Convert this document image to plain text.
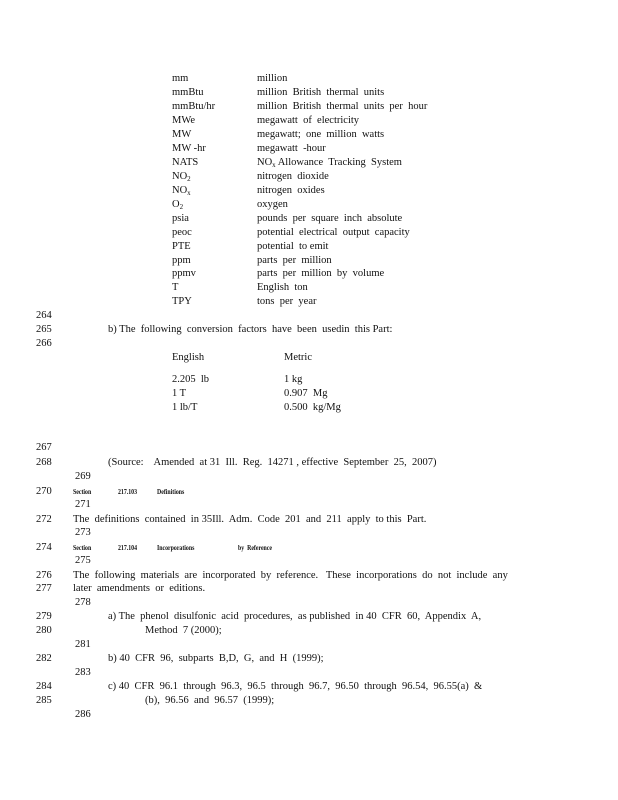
mm	million
mmBtu	million  British  thermal  units
mmBtu/hr	million  British  thermal  units  per  hour
MWe	megawatt  of  electricity
MW	megawatt;  one  million  watts
MW -hr	megawatt  -hour
NATS	$NO_x$ Allowance  Tracking  System
$NO_2$	nitrogen  dioxide
$NO_x$	nitrogen  oxides
$O_2$	oxygen
psia	pounds  per  square  inch  absolute
peoc	potential  electrical  output  capacity
PTE	potential  to emit
ppm	parts  per  million
ppmv	parts  per  million  by  volume
T	English  ton
TPY	tons  per  year
264
265
266
267
268
269
270
271
272
273
274
275
276
277
278
279
280
281
282
283
284
285
286
b) The  following  conversion  factors  have  been  usedin  this Part:
English	Metric
2.205  lb	1 kg
1 T	0.907  Mg
1 lb/T	0.500  kg/Mg
(Source:    Amended  at 31  Ill.  Reg.  14271 , effective  September  25,  2007)
Section	217.103	Definitions
The  definitions  contained  in 35Ill.  Adm.  Code  201  and  211  apply  to this  Part.
Section	217.104	Incorporations	by  Reference
The  following  materials  are  incorporated  by  reference.   These  incorporations  do  not  include  any
later  amendments  or  editions.
a) The  phenol  disulfonic  acid  procedures,  as published  in 40  CFR  60,  Appendix  A,
Method  7 (2000);
b) 40  CFR  96,  subparts  B,D,  G,  and  H  (1999);
c) 40  CFR  96.1  through  96.3,  96.5  through  96.7,  96.50  through  96.54,  96.55(a)  &
(b),  96.56  and  96.57  (1999);
